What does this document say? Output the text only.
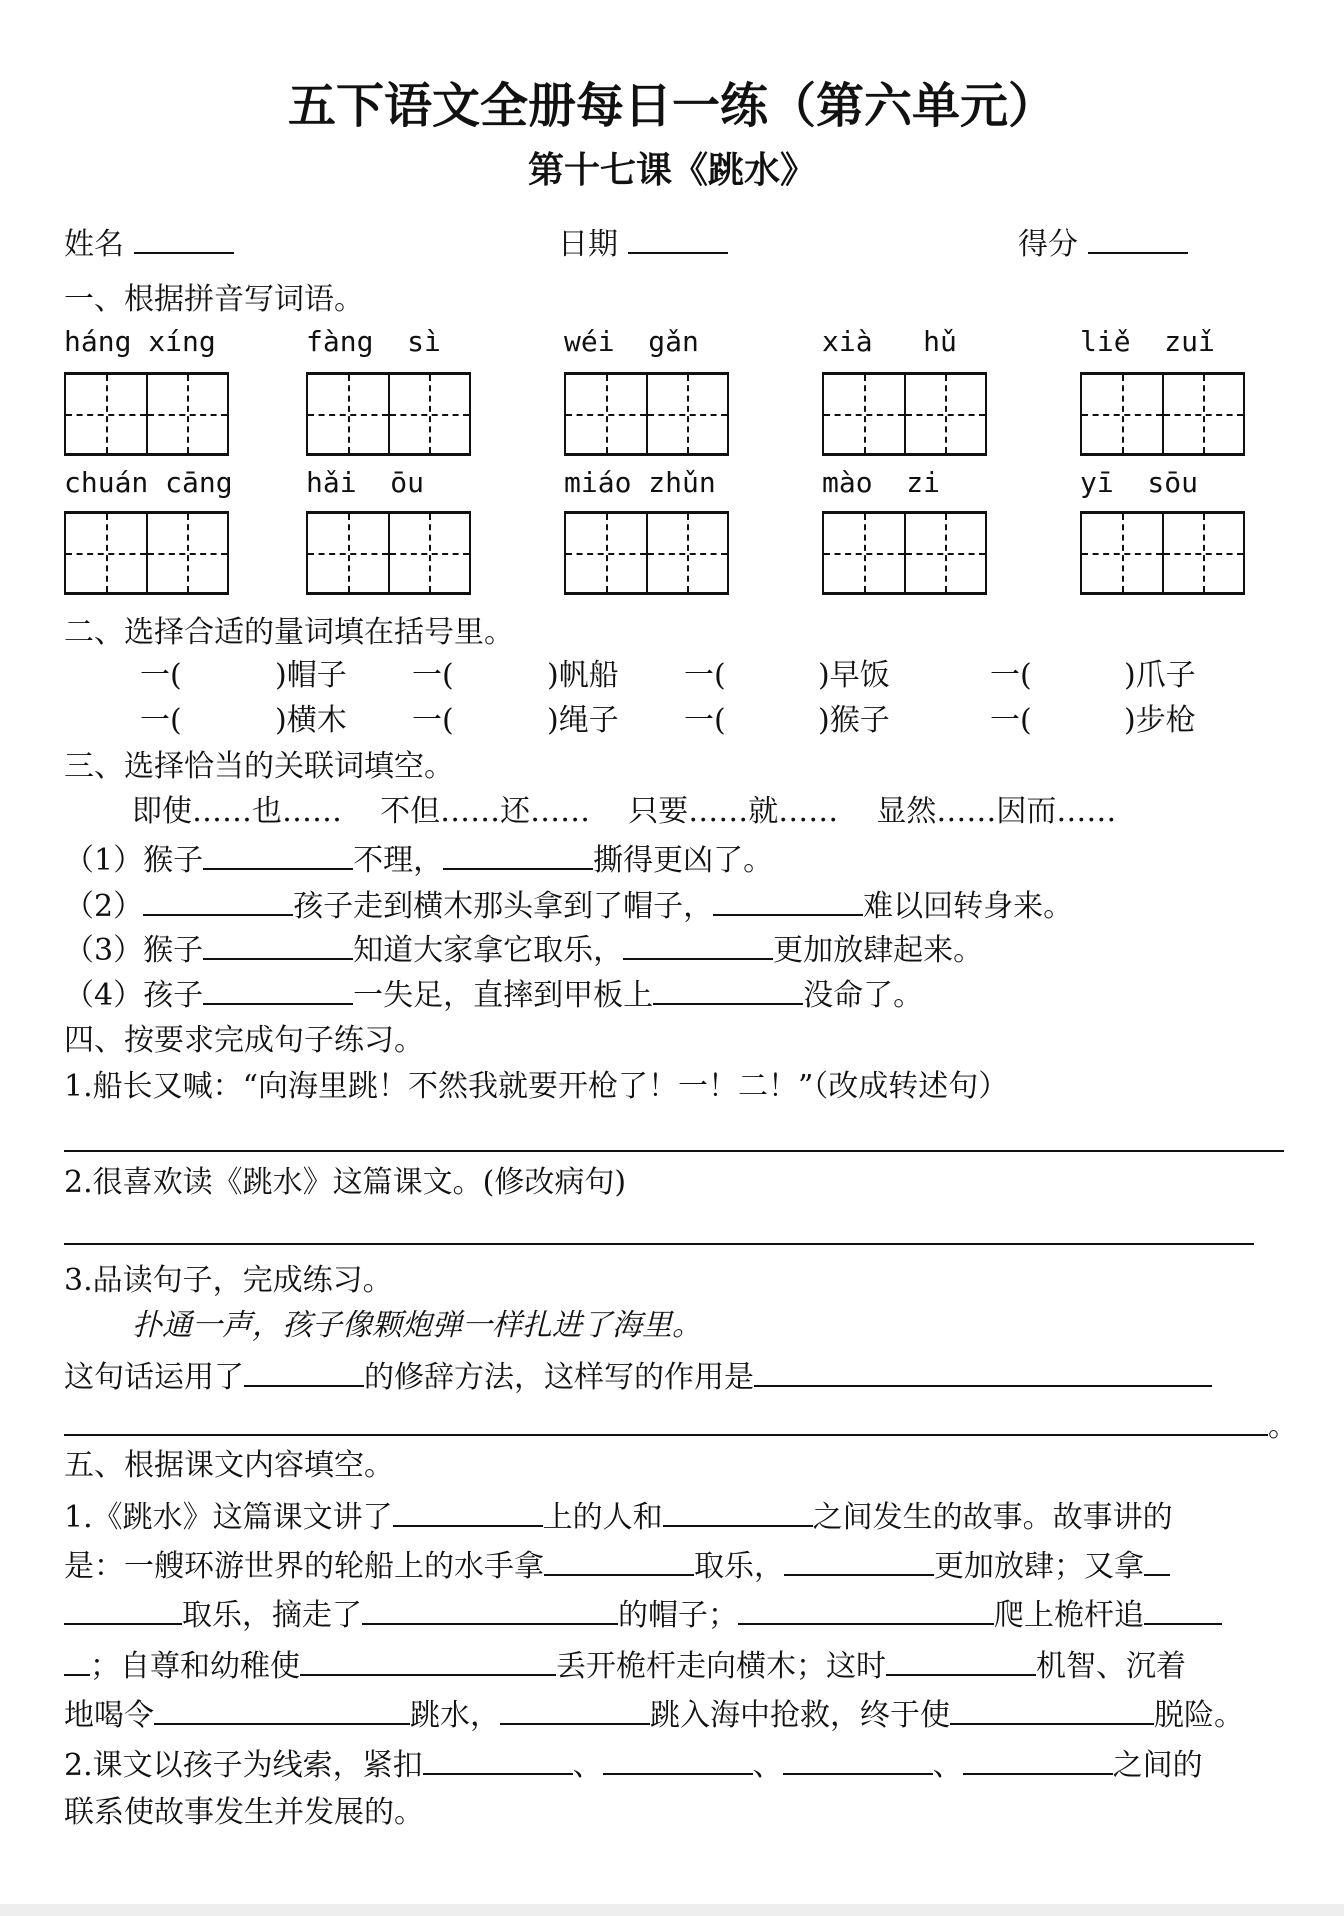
五下语文全册每日一练（第六单元）
第十七课《跳水》
姓名	日期	得分
一、根据拼音写词语。
háng xíng	fàng  sì	wéi  gǎn	xià   hǔ	liě  zuǐ
chuán cāng	hǎi  ōu	miáo zhǔn	mào  zi	yī  sōu
二、选择合适的量词填在括号里。
一(	)帽子 一(	)帆船 一(	)早饭	一(	)爪子
一(	)横木 一(	)绳子 一(	)猴子	一(	)步枪
三、选择恰当的关联词填空。
即使……也……    不但……还……    只要……就……    显然……因而……
（1）猴子	不理，	撕得更凶了。
（2）	孩子走到横木那头拿到了帽子，	难以回转身来。
（3）猴子	知道大家拿它取乐，	更加放肆起来。
（4）孩子	一失足，直摔到甲板上	没命了。
四、按要求完成句子练习。
1.船长又喊：“向海里跳！不然我就要开枪了！一！二！”（改成转述句）
2.很喜欢读《跳水》这篇课文。(修改病句)
3.品读句子，完成练习。
扑通一声，孩子像颗炮弹一样扎进了海里。
这句话运用了	的修辞方法，这样写的作用是
。
五、根据课文内容填空。
1.《跳水》这篇课文讲了	上的人和	之间发生的故事。故事讲的
是：一艘环游世界的轮船上的水手拿	取乐，	更加放肆；又拿
取乐，摘走了	的帽子；	爬上桅杆追
；自尊和幼稚使	丢开桅杆走向横木；这时	机智、沉着
地喝令	跳水，	跳入海中抢救，终于使	脱险。
2.课文以孩子为线索，紧扣	、	、	、	之间的
联系使故事发生并发展的。
